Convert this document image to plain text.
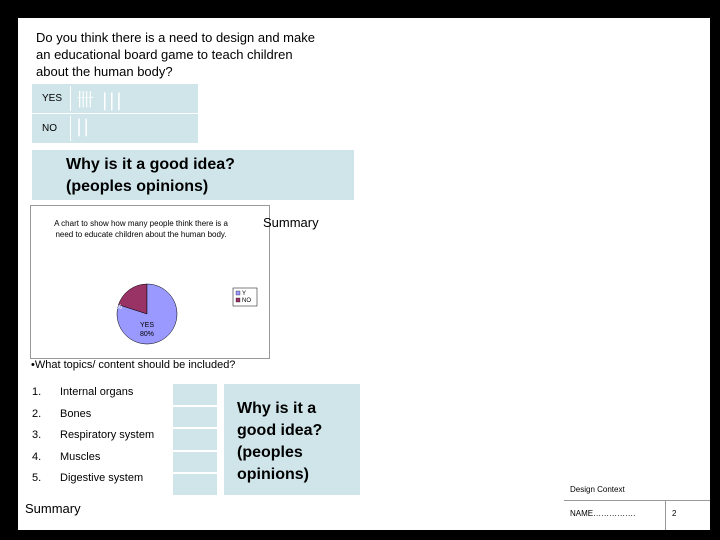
Do you think there is a need to design and make
an educational board game to teach children
about the human body?
YES 卌 |||
NO ||
Why is it a good idea?
(peoples opinions)
A chart to show how many people think there is a need to educate children about the human body.
YES
80%
NO
20%
Y
NO
Summary
•What topics/ content should be included?
1.	Internal organs
2.	Bones
3.	Respiratory system
4.	Muscles
5.	Digestive system
Why is it a
good idea?
(peoples
opinions)
Summary
Design Context
NAME…………….	2
